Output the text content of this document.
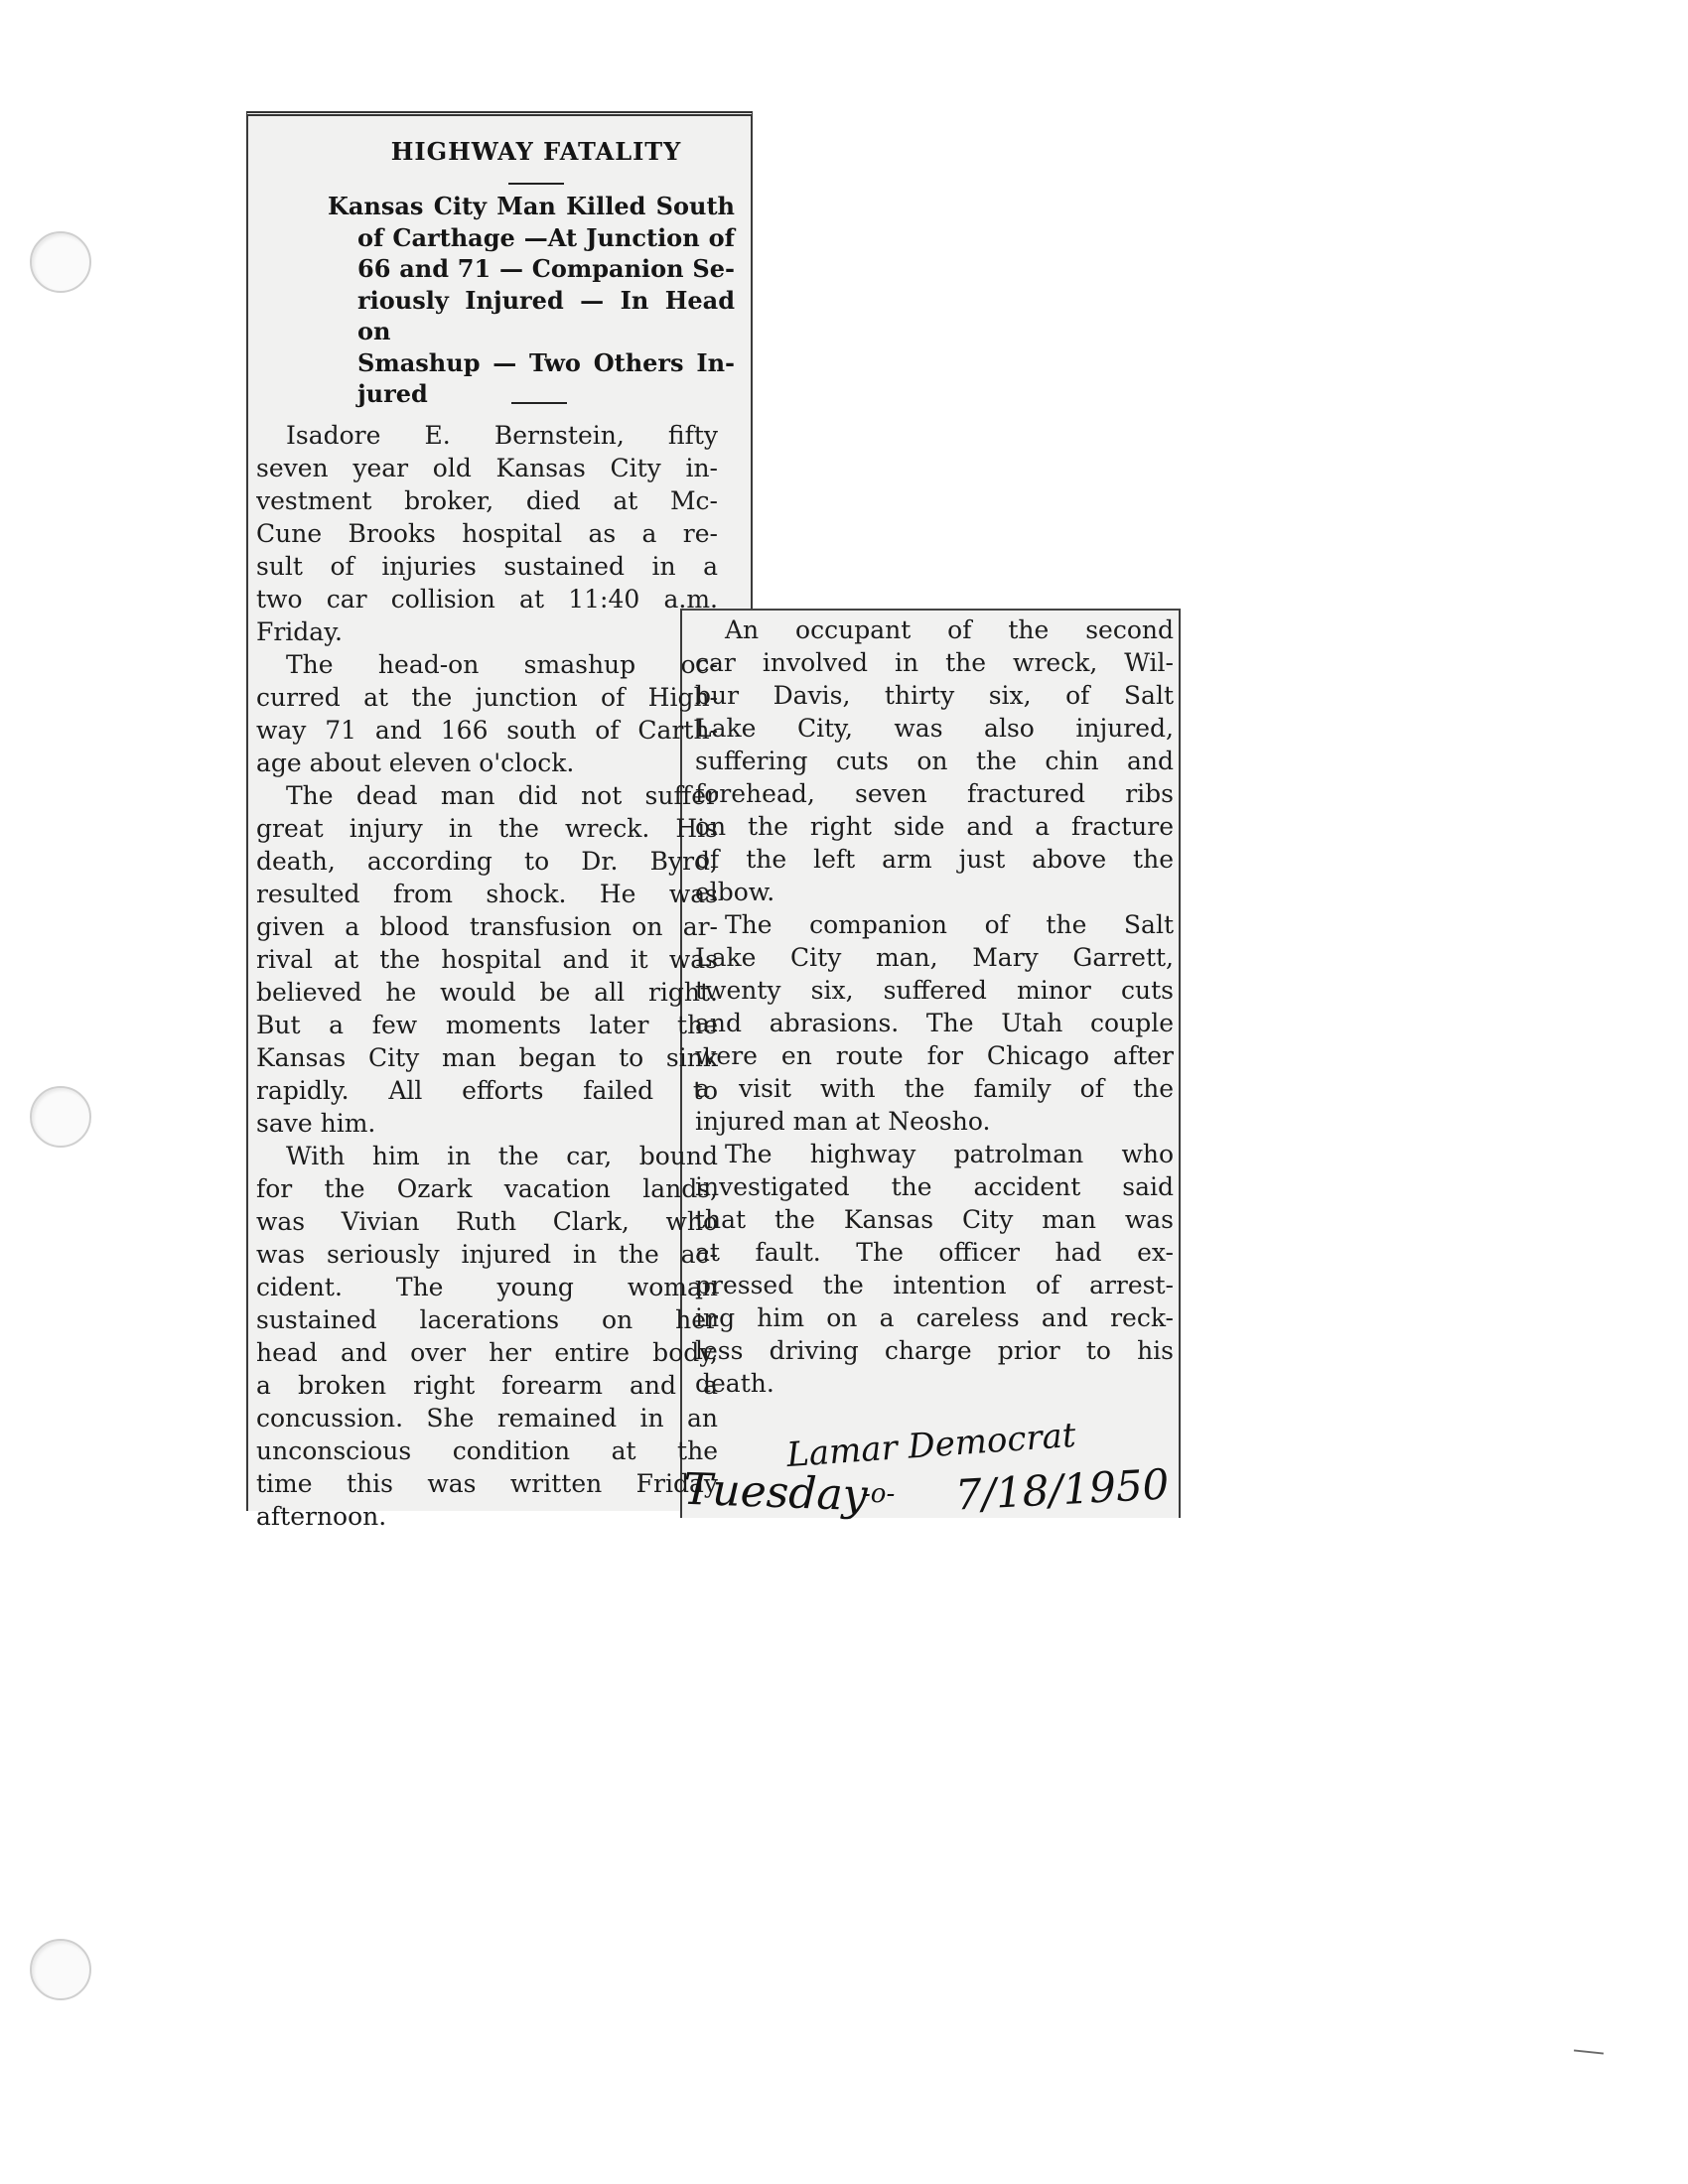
HIGHWAY FATALITY
Kansas City Man Killed South
of Carthage —At Junction of
66 and 71 — Companion Se-
riously Injured — In Head on
Smashup — Two Others In-
jured
Isadore E. Bernstein, fifty
seven year old Kansas City in-
vestment broker, died at Mc-
Cune Brooks hospital as a re-
sult of injuries sustained in a
two car collision at 11:40 a.m.
Friday.
The head-on smashup oc-
curred at the junction of High-
way 71 and 166 south of Carth-
age about eleven o'clock.
The dead man did not suffer
great injury in the wreck. His
death, according to Dr. Byrd,
resulted from shock. He was
given a blood transfusion on ar-
rival at the hospital and it was
believed he would be all right.
But a few moments later the
Kansas City man began to sink
rapidly. All efforts failed to
save him.
With him in the car, bound
for the Ozark vacation lands,
was Vivian Ruth Clark, who
was seriously injured in the ac-
cident. The young woman
sustained lacerations on her
head and over her entire body,
a broken right forearm and a
concussion. She remained in an
unconscious condition at the
time this was written Friday
afternoon.
An occupant of the second
car involved in the wreck, Wil-
bur Davis, thirty six, of Salt
Lake City, was also injured,
suffering cuts on the chin and
forehead, seven fractured ribs
on the right side and a fracture
of the left arm just above the
elbow.
The companion of the Salt
Lake City man, Mary Garrett,
twenty six, suffered minor cuts
and abrasions. The Utah couple
were en route for Chicago after
a visit with the family of the
injured man at Neosho.
The highway patrolman who
investigated the accident said
that the Kansas City man was
at fault. The officer had ex-
pressed the intention of arrest-
ing him on a careless and reck-
less driving charge prior to his
death.
Lamar Democrat
Tuesday
-o- 7/18/1950
